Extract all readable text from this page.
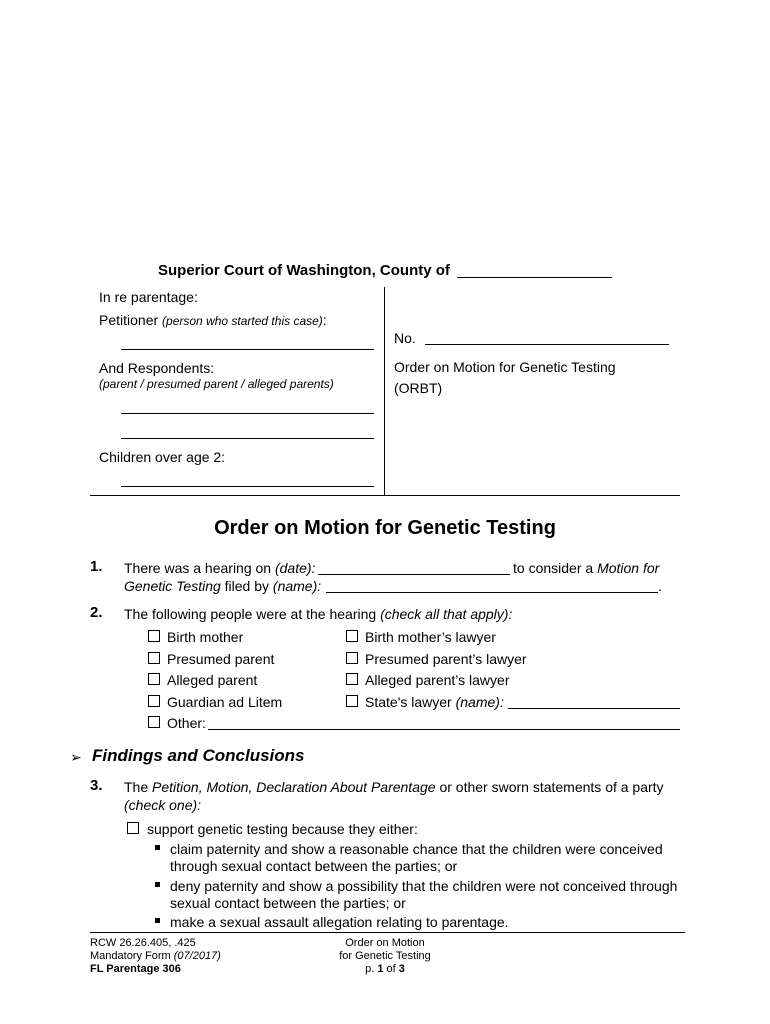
Superior Court of Washington, County of
In re parentage:
Petitioner (person who started this case):
And Respondents:
(parent / presumed parent / alleged parents)
Children over age 2:
No.
Order on Motion for Genetic Testing
(ORBT)
Order on Motion for Genetic Testing
1. There was a hearing on (date):	to consider a Motion for
Genetic Testing filed by (name):	.
2. The following people were at the hearing (check all that apply):
Birth mother
Presumed parent
Alleged parent
Guardian ad Litem
Other:
Birth mother’s lawyer
Presumed parent’s lawyer
Alleged parent’s lawyer
State's lawyer (name):
➢ Findings and Conclusions
3. The Petition, Motion, Declaration About Parentage or other sworn statements of a party
(check one):
support genetic testing because they either:
claim paternity and show a reasonable chance that the children were conceived
through sexual contact between the parties; or
deny paternity and show a possibility that the children were not conceived through
sexual contact between the parties; or
make a sexual assault allegation relating to parentage.
RCW 26.26.405, .425
Mandatory Form (07/2017)
FL Parentage 306
Order on Motion
for Genetic Testing
p. 1 of 3
